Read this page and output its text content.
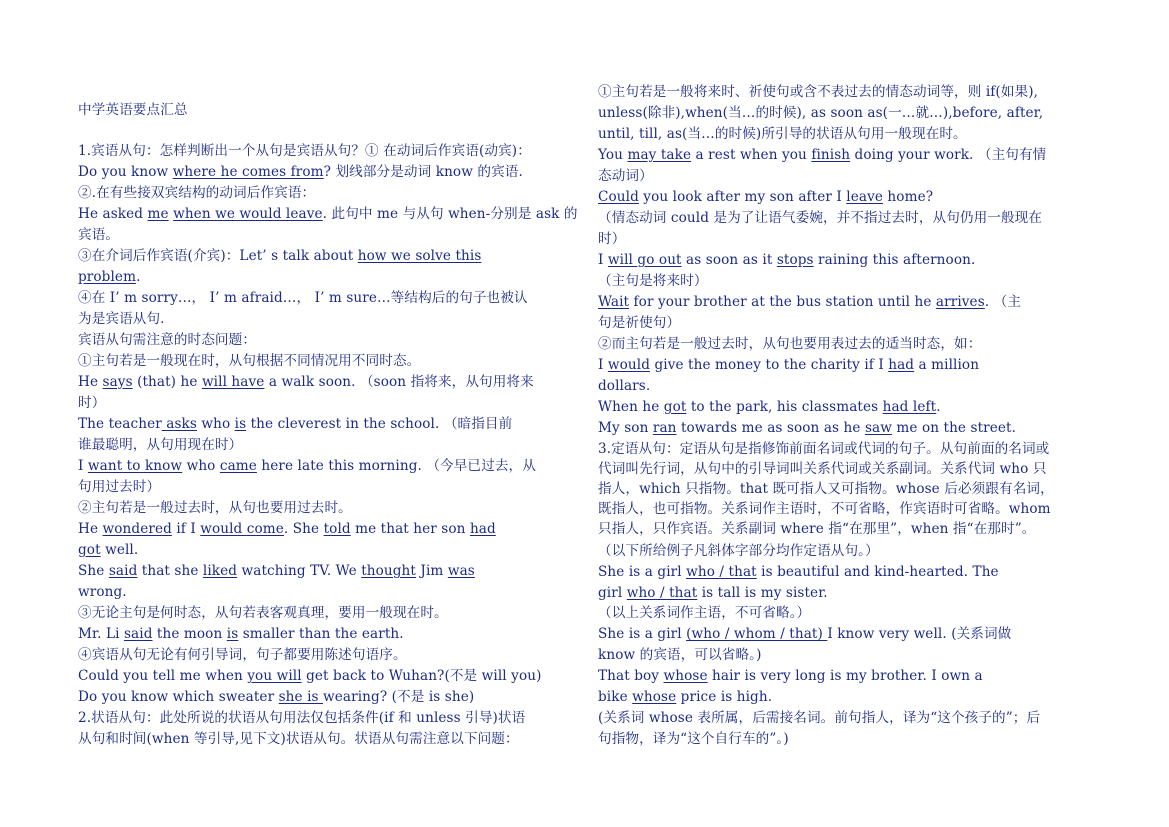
中学英语要点汇总
1.宾语从句：怎样判断出一个从句是宾语从句？① 在动词后作宾语(动宾)：
Do you know where he comes from? 划线部分是动词 know 的宾语.
②.在有些接双宾结构的动词后作宾语：
He asked me when we would leave. 此句中 me 与从句 when-分别是 ask 的
宾语。
③在介词后作宾语(介宾)：Let’ s talk about how we solve this
problem.
④在 I’ m sorry…， I’ m afraid…， I’ m sure…等结构后的句子也被认
为是宾语从句.
宾语从句需注意的时态问题：
①主句若是一般现在时，从句根据不同情况用不同时态。
He says (that) he will have a walk soon. （soon 指将来，从句用将来
时）
The teacher asks who is the cleverest in the school. （暗指目前
谁最聪明，从句用现在时）
I want to know who came here late this morning. （今早已过去，从
句用过去时）
②主句若是一般过去时，从句也要用过去时。
He wondered if I would come. She told me that her son had
got well.
She said that she liked watching TV. We thought Jim was
wrong.
③无论主句是何时态，从句若表客观真理，要用一般现在时。
Mr. Li said the moon is smaller than the earth.
④宾语从句无论有何引导词，句子都要用陈述句语序。
Could you tell me when you will get back to Wuhan?(不是 will you)
Do you know which sweater she is wearing? (不是 is she)
2.状语从句：此处所说的状语从句用法仅包括条件(if 和 unless 引导)状语
从句和时间(when 等引导,见下文)状语从句。状语从句需注意以下问题：
①主句若是一般将来时、祈使句或含不表过去的情态动词等，则 if(如果),
unless(除非),when(当…的时候), as soon as(一…就…),before, after,
until, till, as(当…的时候)所引导的状语从句用一般现在时。
You may take a rest when you finish doing your work. （主句有情
态动词）
Could you look after my son after I leave home?
（情态动词 could 是为了让语气委婉，并不指过去时，从句仍用一般现在
时）
I will go out as soon as it stops raining this afternoon.
（主句是将来时）
Wait for your brother at the bus station until he arrives. （主
句是祈使句）
②而主句若是一般过去时，从句也要用表过去的适当时态，如：
I would give the money to the charity if I had a million
dollars.
When he got to the park, his classmates had left.
My son ran towards me as soon as he saw me on the street.
3.定语从句：定语从句是指修饰前面名词或代词的句子。从句前面的名词或
代词叫先行词，从句中的引导词叫关系代词或关系副词。关系代词 who 只
指人，which 只指物。that 既可指人又可指物。whose 后必须跟有名词，
既指人，也可指物。关系词作主语时，不可省略，作宾语时可省略。whom
只指人，只作宾语。关系副词 where 指“在那里”，when 指“在那时”。
（以下所给例子凡斜体字部分均作定语从句。）
She is a girl who / that is beautiful and kind-hearted. The
girl who / that is tall is my sister.
（以上关系词作主语，不可省略。）
She is a girl (who / whom / that) I know very well. (关系词做
know 的宾语，可以省略。)
That boy whose hair is very long is my brother. I own a
bike whose price is high.
(关系词 whose 表所属，后需接名词。前句指人，译为“这个孩子的”；后
句指物，译为“这个自行车的”。)
